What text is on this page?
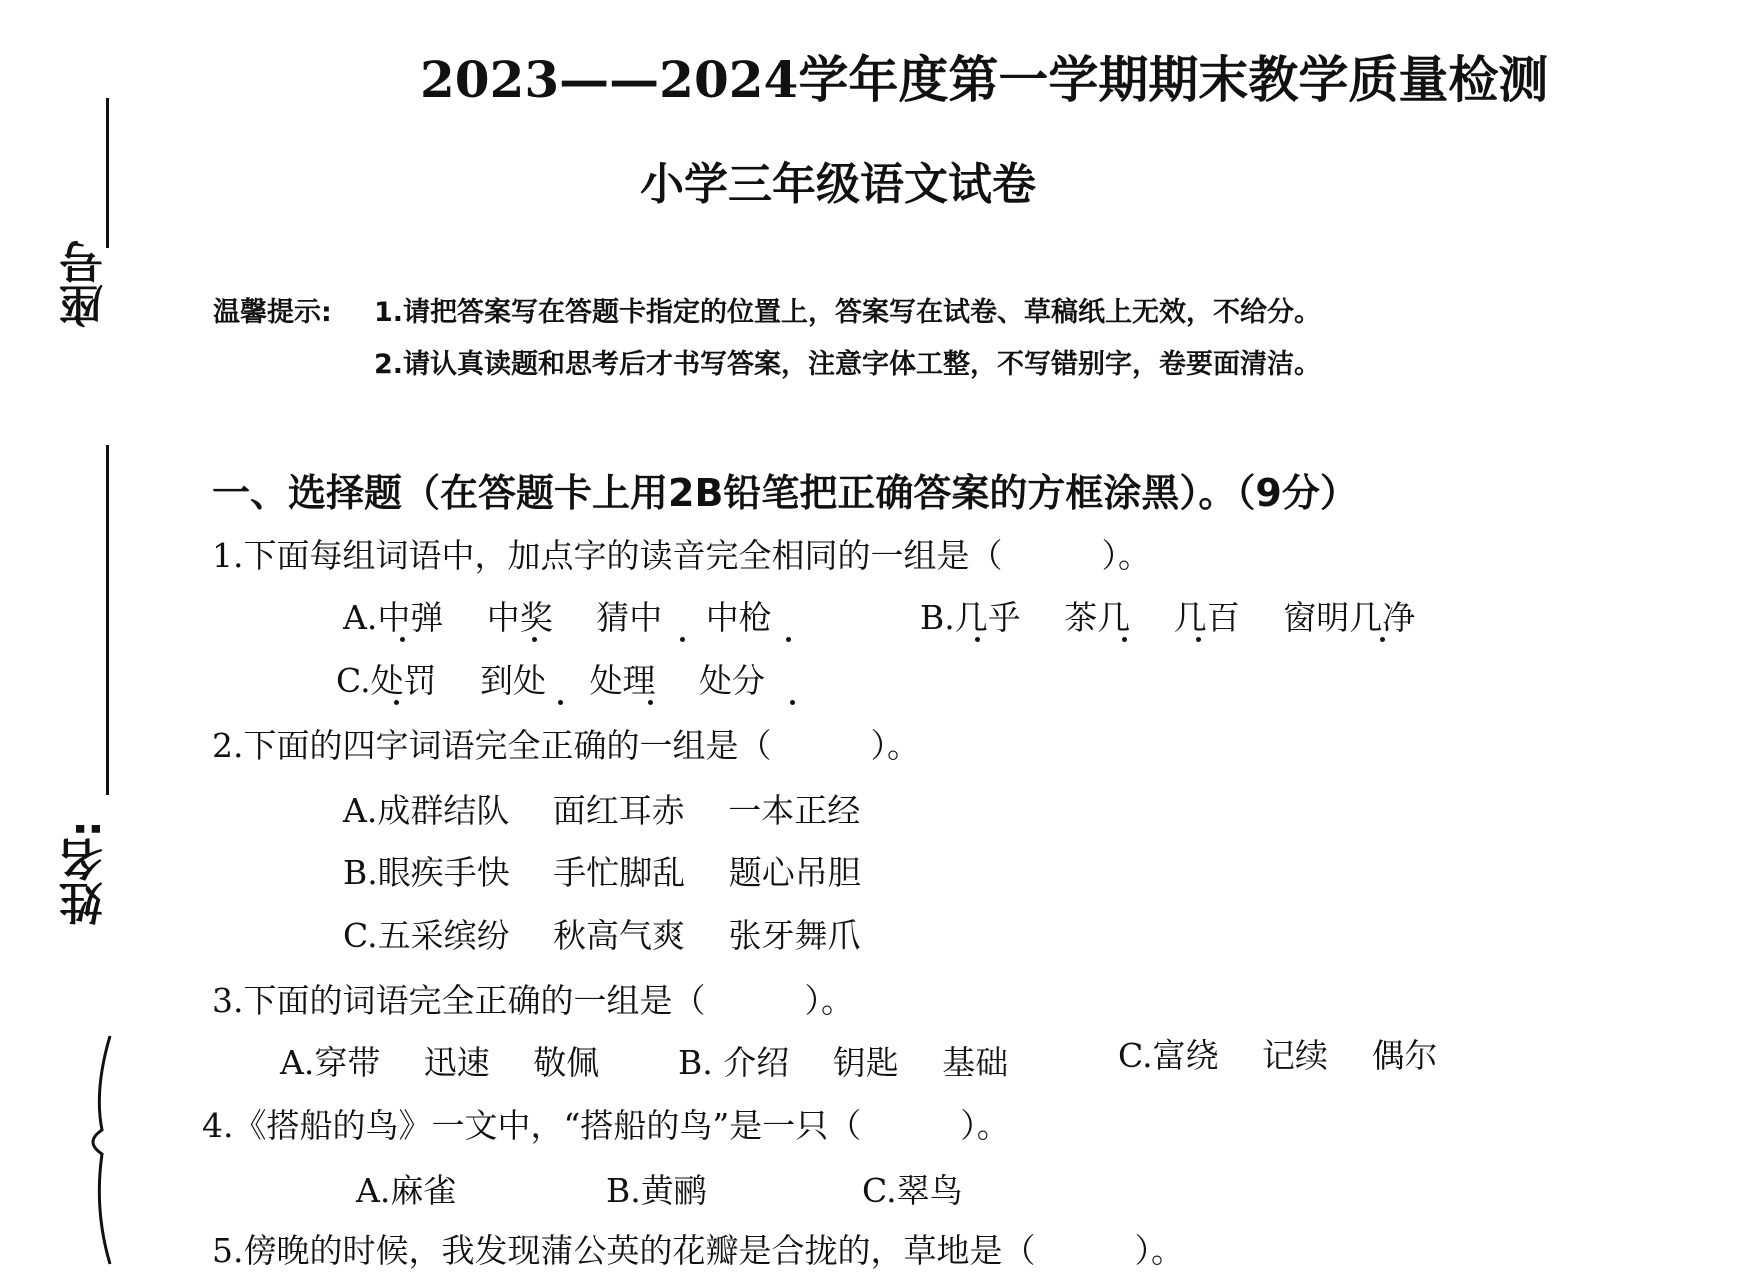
座号
姓名:
2023——2024学年度第一学期期末教学质量检测
小学三年级语文试卷
温馨提示: 1.请把答案写在答题卡指定的位置上，答案写在试卷、草稿纸上无效，不给分。
2.请认真读题和思考后才书写答案，注意字体工整，不写错别字，卷要面清洁。
一、选择题（在答题卡上用2B铅笔把正确答案的方框涂黑）。（9分）
1.下面每组词语中，加点字的读音完全相同的一组是（　　　）。
A.中弹　 中奖　 猜中　 中枪	B.几乎　 茶几　 几百　 窗明几净
C.处罚　 到处　 处理　 处分
2.下面的四字词语完全正确的一组是（　　　）。
A.成群结队　 面红耳赤　 一本正经
B.眼疾手快　 手忙脚乱　 题心吊胆
C.五采缤纷　 秋高气爽　 张牙舞爪
3.下面的词语完全正确的一组是（　　　）。
A.穿带　 迅速　 敬佩 B. 介绍　 钥匙　 基础	C.富绕　 记续　 偶尔
4.《搭船的鸟》一文中，“搭船的鸟”是一只（　　　）。
A.麻雀	B.黄鹂	C.翠鸟
5.傍晚的时候，我发现蒲公英的花瓣是合拢的，草地是（　　　）。
